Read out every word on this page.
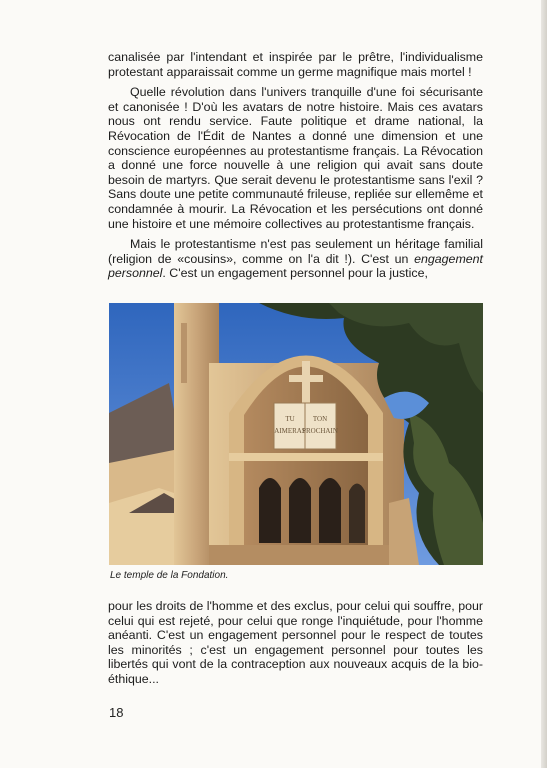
canalisée par l'intendant et inspirée par le prêtre, l'individualisme protestant apparaissait comme un germe magnifique mais mortel !

Quelle révolution dans l'univers tranquille d'une foi sécurisante et canonisée ! D'où les avatars de notre histoire. Mais ces avatars nous ont rendu service. Faute politique et drame national, la Révocation de l'Édit de Nantes a donné une dimension et une conscience européennes au protestantisme français. La Révocation a donné une force nouvelle à une religion qui avait sans doute besoin de martyrs. Que serait devenu le protestantisme sans l'exil ? Sans doute une petite communauté frileuse, repliée sur ellemême et condamnée à mourir. La Révocation et les persécutions ont donné une histoire et une mémoire collectives au protestantisme français.

Mais le protestantisme n'est pas seulement un héritage familial (religion de «cousins», comme on l'a dit !). C'est un engagement personnel. C'est un engagement personnel pour la justice,

TU
AIMERAS
TON
PROCHAIN
Le temple de la Fondation.

pour les droits de l'homme et des exclus, pour celui qui souffre, pour celui qui est rejeté, pour celui que ronge l'inquiétude, pour l'homme anéanti. C'est un engagement personnel pour le respect de toutes les minorités ; c'est un engagement personnel pour toutes les libertés qui vont de la contraception aux nouveaux acquis de la bio-éthique...

18
